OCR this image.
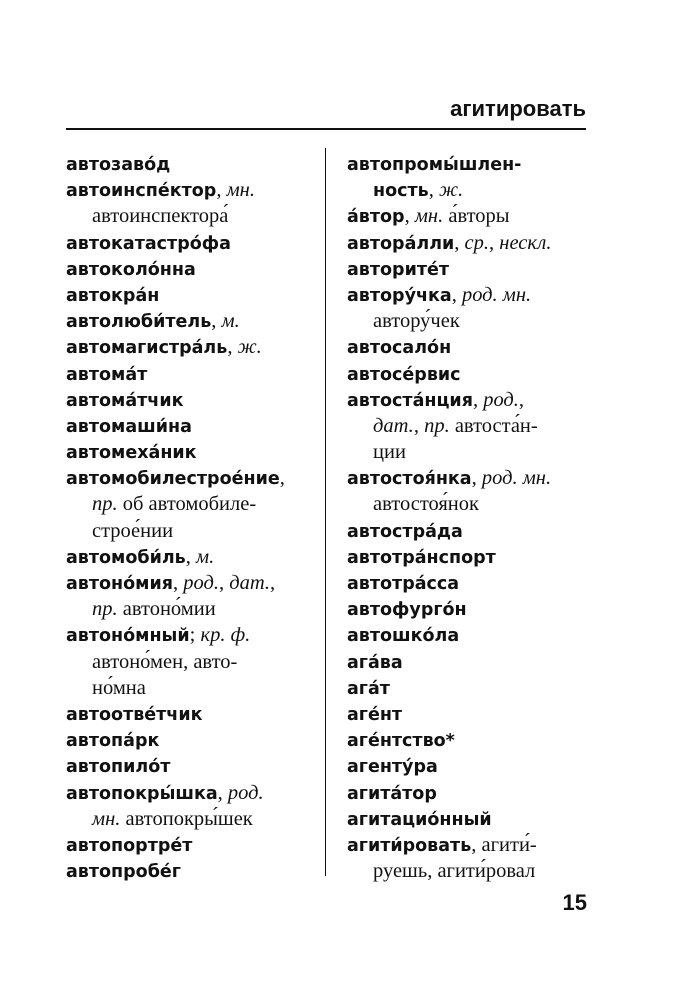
агитировать
автозаво́д
автоинспе́ктор, мн.
автоинспектора́
автокатастро́фа
автоколо́нна
автокра́н
автолюби́тель, м.
автомагистра́ль, ж.
автома́т
автома́тчик
автомаши́на
автомеха́ник
автомобилестрое́ние,
пр. об автомобиле-
строе́нии
автомоби́ль, м.
автоно́мия, род., дат.,
пр. автоно́мии
автоно́мный; кр. ф.
автоно́мен, авто-
но́мна
автоотве́тчик
автопа́рк
автопило́т
автопокры́шка, род.
мн. автопокры́шек
автопортре́т
автопробе́г
автопромы́шлен-
ность, ж.
а́втор, мн. а́вторы
автора́лли, ср., нескл.
авторите́т
автору́чка, род. мн.
автору́чек
автосало́н
автосе́рвис
автоста́нция, род.,
дат., пр. автоста́н-
ции
автостоя́нка, род. мн.
автостоя́нок
автостра́да
автотра́нспорт
автотра́сса
автофурго́н
автошко́ла
ага́ва
ага́т
аге́нт
аге́нтство*
агенту́ра
агита́тор
агитацио́нный
агити́ровать, агити́-
руешь, агити́ровал
15
